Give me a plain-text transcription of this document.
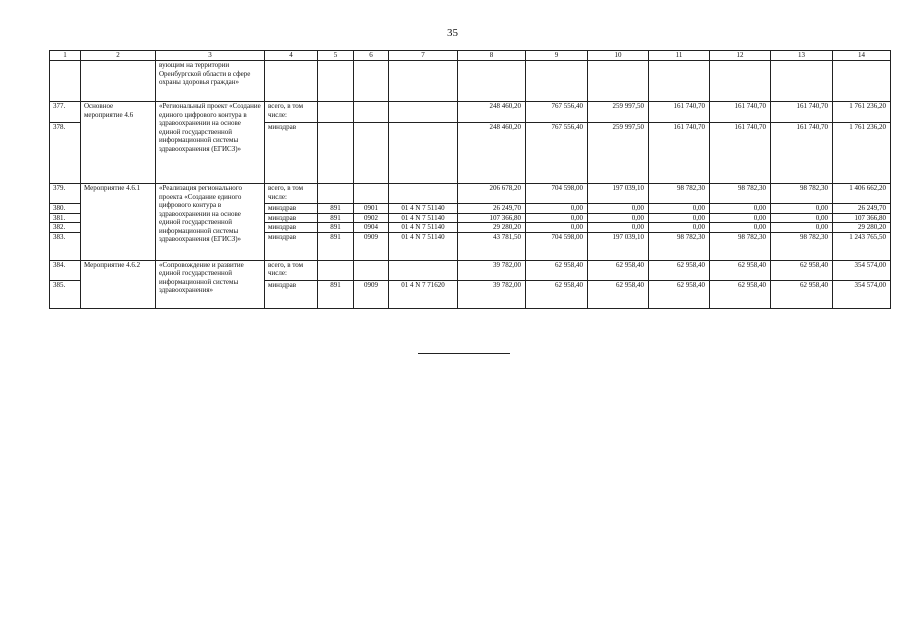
35
1	2	3	4	5	6	7	8	9	10	11	12	13	14
		вующим на территории Оренбургской области в сфере охраны здоровья граждан»											
377.	Основное мероприятие 4.6	«Региональный проект «Создание единого цифрового контура в здравоохранении на основе единой государственной информационной системы здравоохранения (ЕГИСЗ)»	всего, в том числе:				248 460,20	767 556,40	259 997,50	161 740,70	161 740,70	161 740,70	1 761 236,20
378.			минздрав				248 460,20	767 556,40	259 997,50	161 740,70	161 740,70	161 740,70	1 761 236,20
379.	Мероприятие 4.6.1	«Реализация регионального проекта «Создание единого цифрового контура в здравоохранении на основе единой государственной информационной системы здравоохранения (ЕГИСЗ)»	всего, в том числе:				206 678,20	704 598,00	197 039,10	98 782,30	98 782,30	98 782,30	1 406 662,20
380.			минздрав	891	0901	01 4 N 7 51140	26 249,70	0,00	0,00	0,00	0,00	0,00	26 249,70
381.			минздрав	891	0902	01 4 N 7 51140	107 366,80	0,00	0,00	0,00	0,00	0,00	107 366,80
382.			минздрав	891	0904	01 4 N 7 51140	29 280,20	0,00	0,00	0,00	0,00	0,00	29 280,20
383.			минздрав	891	0909	01 4 N 7 51140	43 781,50	704 598,00	197 039,10	98 782,30	98 782,30	98 782,30	1 243 765,50
384.	Мероприятие 4.6.2	«Сопровождение и развитие единой государственной информационной системы здравоохранения»	всего, в том числе:				39 782,00	62 958,40	62 958,40	62 958,40	62 958,40	62 958,40	354 574,00
385.			минздрав	891	0909	01 4 N 7 71620	39 782,00	62 958,40	62 958,40	62 958,40	62 958,40	62 958,40	354 574,00
